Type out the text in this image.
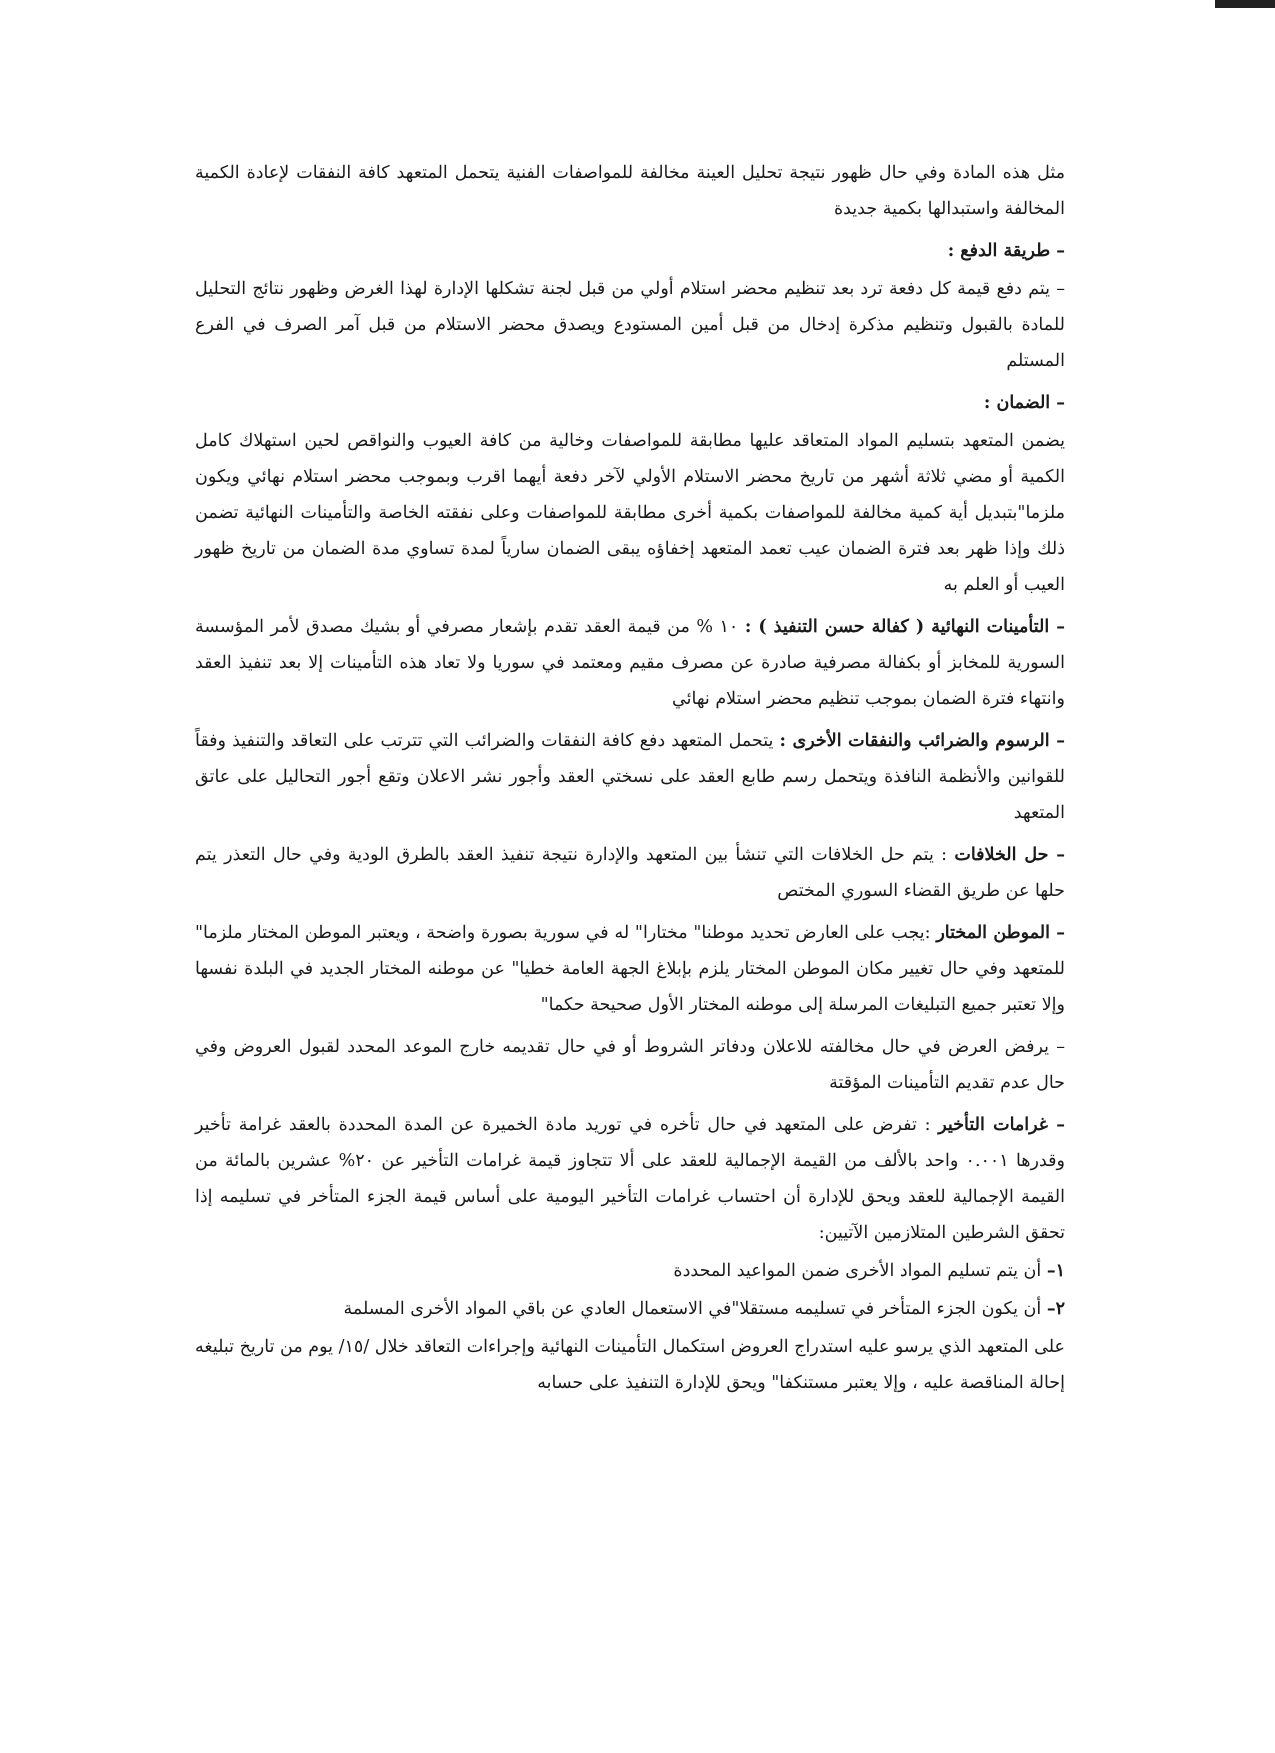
مثل هذه المادة وفي حال ظهور نتيجة تحليل العينة مخالفة للمواصفات الفنية يتحمل المتعهد كافة النفقات لإعادة الكمية المخالفة واستبدالها بكمية جديدة

– طريقة الدفع :

– يتم دفع قيمة كل دفعة ترد بعد تنظيم محضر استلام أولي من قبل لجنة تشكلها الإدارة لهذا الغرض وظهور نتائج التحليل للمادة بالقبول وتنظيم مذكرة إدخال من قبل أمين المستودع ويصدق محضر الاستلام من قبل آمر الصرف في الفرع المستلم

– الضمان :

يضمن المتعهد بتسليم المواد المتعاقد عليها مطابقة للمواصفات وخالية من كافة العيوب والنواقص لحين استهلاك كامل الكمية أو مضي ثلاثة أشهر من تاريخ محضر الاستلام الأولي لآخر دفعة أيهما اقرب وبموجب محضر استلام نهائي ويكون ملزما"بتبديل أية كمية مخالفة للمواصفات بكمية أخرى مطابقة للمواصفات وعلى نفقته الخاصة والتأمينات النهائية تضمن ذلك وإذا ظهر بعد فترة الضمان عيب تعمد المتعهد إخفاؤه يبقى الضمان سارياً لمدة تساوي مدة الضمان من تاريخ ظهور العيب أو العلم به

– التأمينات النهائية ( كفالة حسن التنفيذ ) : ١٠ % من قيمة العقد تقدم بإشعار مصرفي أو بشيك مصدق لأمر المؤسسة السورية للمخابز أو بكفالة مصرفية صادرة عن مصرف مقيم ومعتمد في سوريا ولا تعاد هذه التأمينات إلا بعد تنفيذ العقد وانتهاء فترة الضمان بموجب تنظيم محضر استلام نهائي

– الرسوم والضرائب والنفقات الأخرى : يتحمل المتعهد دفع كافة النفقات والضرائب التي تترتب على التعاقد والتنفيذ وفقاً للقوانين والأنظمة النافذة ويتحمل رسم طابع العقد على نسختي العقد وأجور نشر الاعلان وتقع أجور التحاليل على عاتق المتعهد

– حل الخلافات : يتم حل الخلافات التي تنشأ بين المتعهد والإدارة نتيجة تنفيذ العقد بالطرق الودية وفي حال التعذر يتم حلها عن طريق القضاء السوري المختص

– الموطن المختار :يجب على العارض تحديد موطنا" مختارا" له في سورية بصورة واضحة ، ويعتبر الموطن المختار ملزما" للمتعهد وفي حال تغيير مكان الموطن المختار يلزم بإبلاغ الجهة العامة خطيا" عن موطنه المختار الجديد في البلدة نفسها وإلا تعتبر جميع التبليغات المرسلة إلى موطنه المختار الأول صحيحة حكما"

– يرفض العرض في حال مخالفته للاعلان ودفاتر الشروط أو في حال تقديمه خارج الموعد المحدد لقبول العروض وفي حال عدم تقديم التأمينات المؤقتة

– غرامات التأخير : تفرض على المتعهد في حال تأخره في توريد مادة الخميرة عن المدة المحددة بالعقد غرامة تأخير وقدرها ٠.٠٠١ واحد بالألف من القيمة الإجمالية للعقد على ألا تتجاوز قيمة غرامات التأخير عن ٢٠% عشرين بالمائة من القيمة الإجمالية للعقد ويحق للإدارة أن احتساب غرامات التأخير اليومية على أساس قيمة الجزء المتأخر في تسليمه إذا تحقق الشرطين المتلازمين الآتيين:

١– أن يتم تسليم المواد الأخرى ضمن المواعيد المحددة

٢– أن يكون الجزء المتأخر في تسليمه مستقلا"في الاستعمال العادي عن باقي المواد الأخرى المسلمة

على المتعهد الذي يرسو عليه استدراج العروض استكمال التأمينات النهائية وإجراءات التعاقد خلال /١٥/ يوم من تاريخ تبليغه إحالة المناقصة عليه ، وإلا يعتبر مستنكفا" ويحق للإدارة التنفيذ على حسابه
